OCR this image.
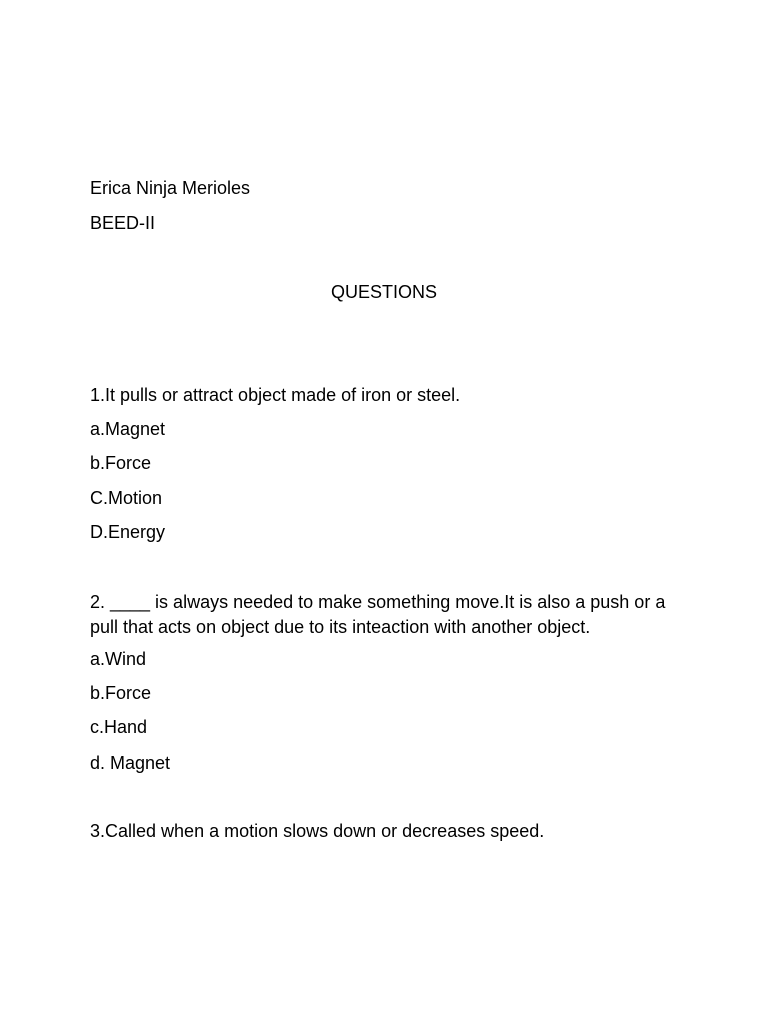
Erica Ninja Merioles
BEED-II
QUESTIONS
1.It pulls or attract object made of iron or steel.
a.Magnet
b.Force
C.Motion
D.Energy
2. ____ is always needed to make something move.It is also a push or a pull that acts on object due to its inteaction with another object.
a.Wind
b.Force
c.Hand
d. Magnet
3.Called when a motion slows down or decreases speed.
